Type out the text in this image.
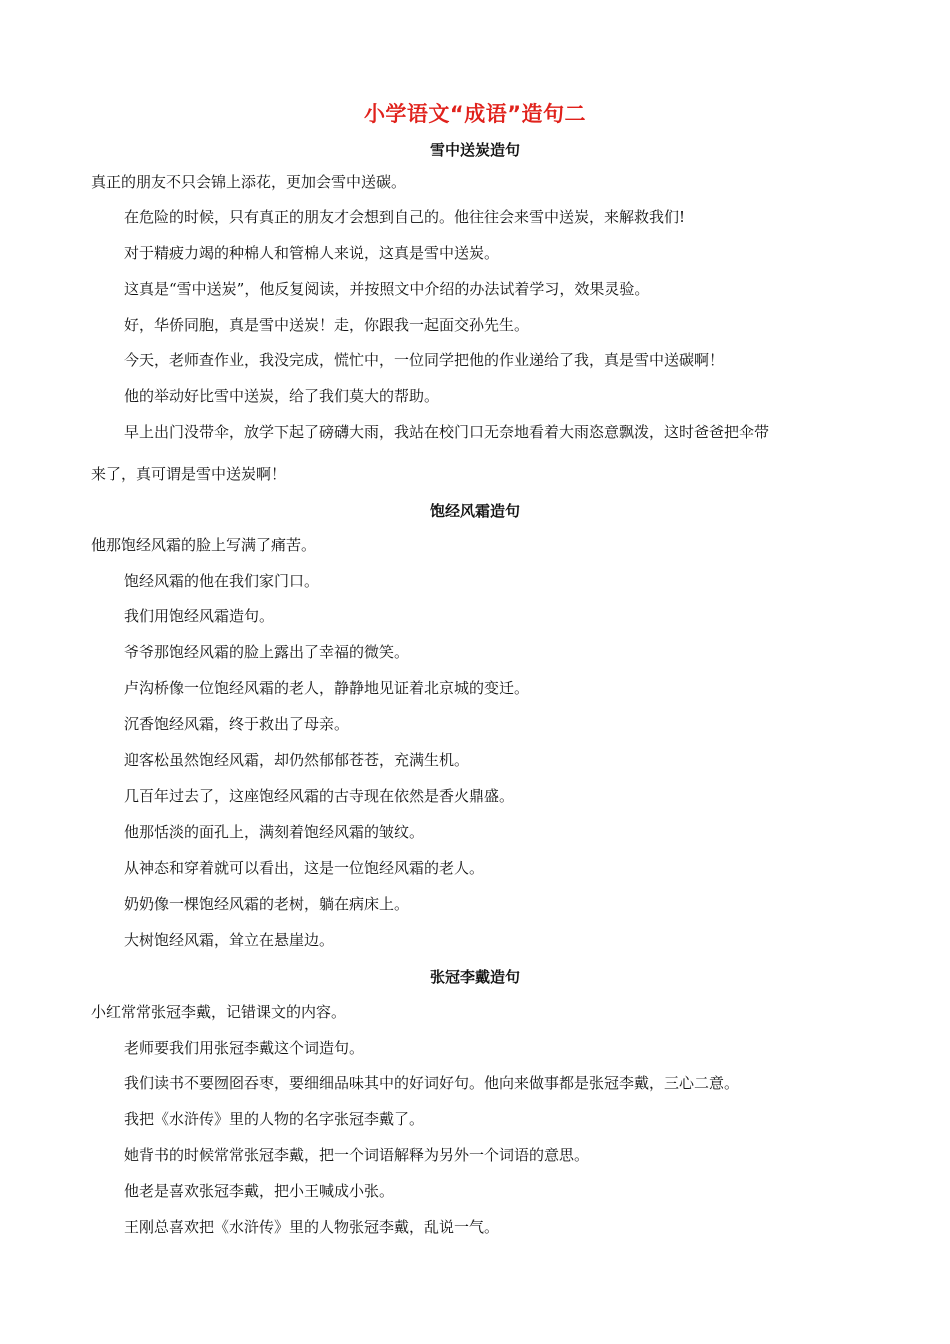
小学语文“成语”造句二
雪中送炭造句
真正的朋友不只会锦上添花，更加会雪中送碳。
在危险的时候，只有真正的朋友才会想到自己的。他往往会来雪中送炭，来解救我们!
对于精疲力竭的种棉人和管棉人来说，这真是雪中送炭。
这真是“雪中送炭”，他反复阅读，并按照文中介绍的办法试着学习，效果灵验。
好，华侨同胞，真是雪中送炭！走，你跟我一起面交孙先生。
今天，老师查作业，我没完成，慌忙中，一位同学把他的作业递给了我，真是雪中送碳啊！
他的举动好比雪中送炭，给了我们莫大的帮助。
早上出门没带伞，放学下起了磅礴大雨，我站在校门口无奈地看着大雨恣意飘泼，这时爸爸把伞带
来了，真可谓是雪中送炭啊！
饱经风霜造句
他那饱经风霜的脸上写满了痛苦。
饱经风霜的他在我们家门口。
我们用饱经风霜造句。
爷爷那饱经风霜的脸上露出了幸福的微笑。
卢沟桥像一位饱经风霜的老人，静静地见证着北京城的变迁。
沉香饱经风霜，终于救出了母亲。
迎客松虽然饱经风霜，却仍然郁郁苍苍，充满生机。
几百年过去了，这座饱经风霜的古寺现在依然是香火鼎盛。
他那恬淡的面孔上，满刻着饱经风霜的皱纹。
从神态和穿着就可以看出，这是一位饱经风霜的老人。
奶奶像一棵饱经风霜的老树，躺在病床上。
大树饱经风霜，耸立在悬崖边。
张冠李戴造句
小红常常张冠李戴，记错课文的内容。
老师要我们用张冠李戴这个词造句。
我们读书不要囫囵吞枣，要细细品味其中的好词好句。他向来做事都是张冠李戴，三心二意。
我把《水浒传》里的人物的名字张冠李戴了。
她背书的时候常常张冠李戴，把一个词语解释为另外一个词语的意思。
他老是喜欢张冠李戴，把小王喊成小张。
王刚总喜欢把《水浒传》里的人物张冠李戴，乱说一气。
